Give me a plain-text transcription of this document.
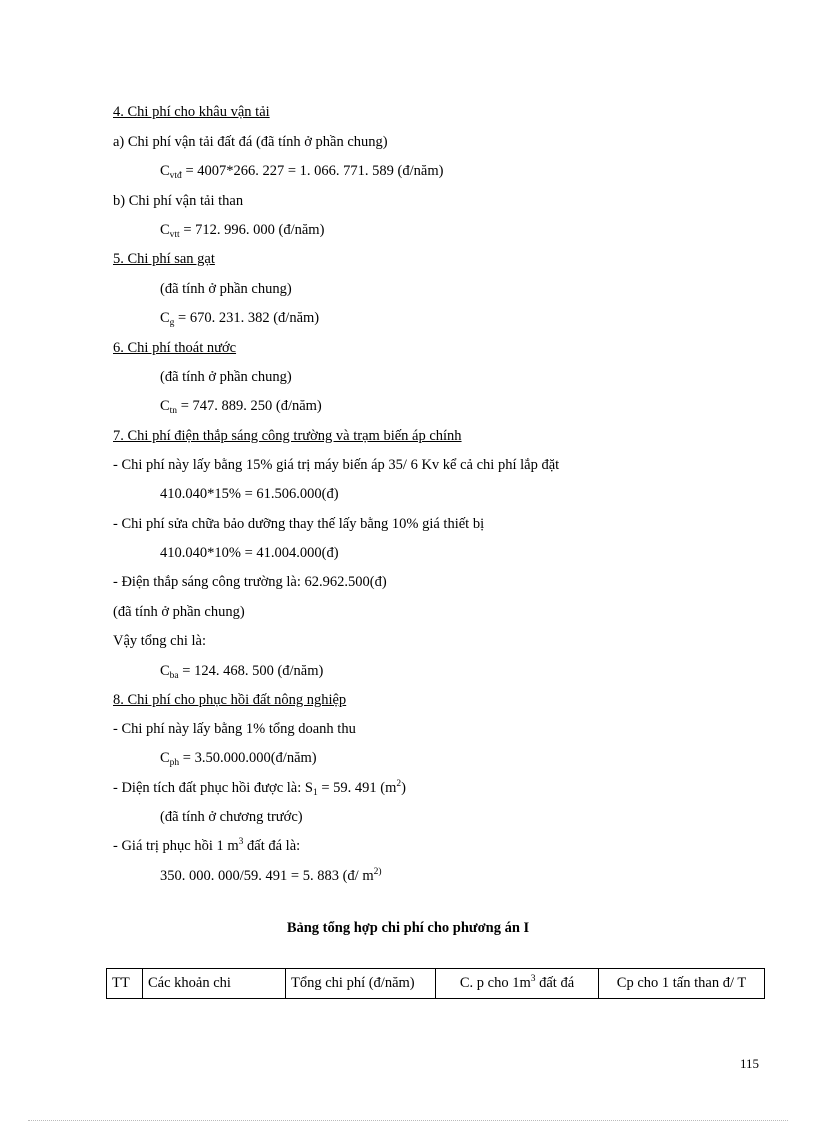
4. Chi phí cho khâu vận tải
a) Chi phí vận tải đất đá (đã tính ở phần chung)
$C_{vtđ} = 4007*266$. 227 = 1. 066. 771. 589 (đ/năm)
b) Chi phí vận tải than
$C_{vtt} = 712$. 996. 000 (đ/năm)
5. Chi phí san gạt
(đã tính ở phần chung)
$C_g = 670$. 231. 382 (đ/năm)
6. Chi phí thoát nước
(đã tính ở phần chung)
$C_{tn} = 747$. 889. 250 (đ/năm)
7. Chi phí điện thắp sáng công trường và trạm biến áp chính
- Chi phí này lấy bằng 15% giá trị máy biến áp 35/ 6 Kv kể cả chi phí lắp đặt
410.040*15% = 61.506.000(đ)
- Chi phí sửa chữa bảo dưỡng thay thế lấy bằng 10% giá thiết bị
410.040*10% = 41.004.000(đ)
- Điện thắp sáng công trường là: 62.962.500(đ)
(đã tính ở phần chung)
Vậy tổng chi là:
$C_{ba} = 124$. 468. 500 (đ/năm)
8. Chi phí cho phục hồi đất nông nghiệp
- Chi phí này lấy bằng 1% tổng doanh thu
$C_{ph}$ = 3.50.000.000(đ/năm)
- Diện tích đất phục hồi được là: $S_1 = 59$. 491 $(m^2)$
(đã tính ở chương trước)
- Giá trị phục hồi 1 $m^3$ đất đá là:
350. 000. 000/59. 491 = 5. 883 (đ/ $m^{2)}$
Bảng tổng hợp chi phí cho phương án I
TT	Các khoản chi	Tổng chi phí (đ/năm)	C. p cho $1m^3$ đất đá	Cp cho 1 tấn than đ/ T
115
